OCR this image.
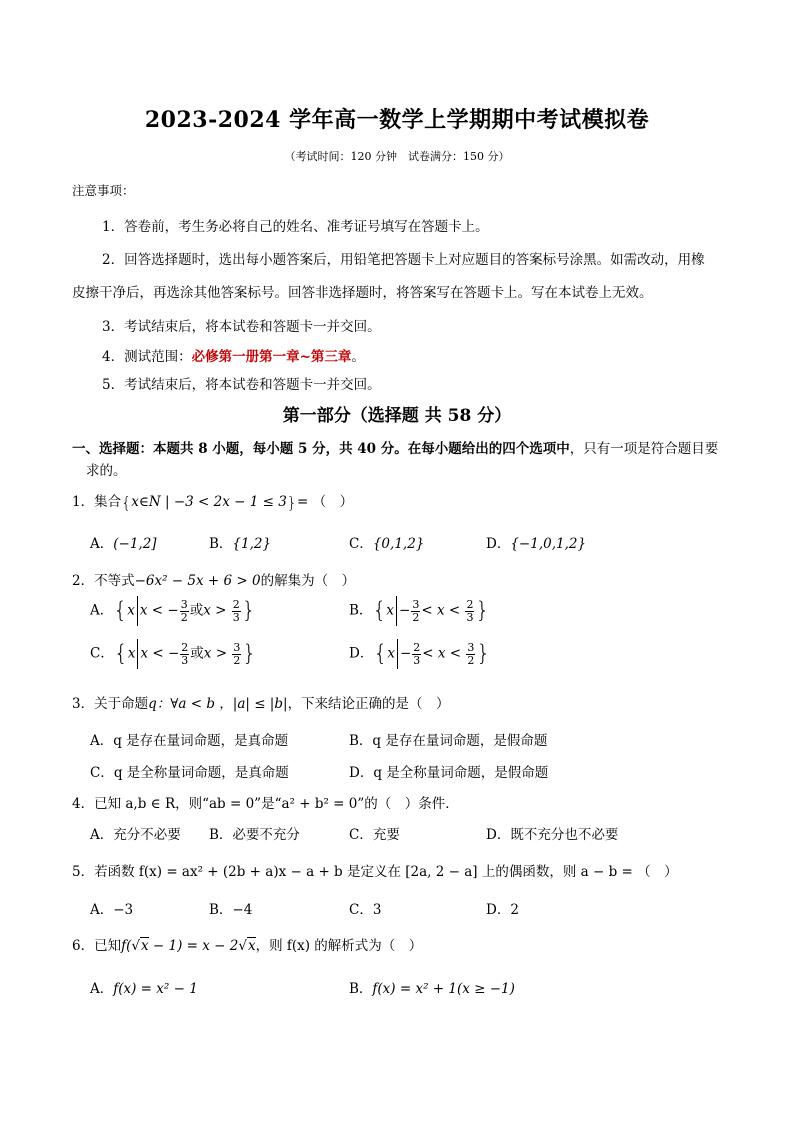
2023-2024 学年高一数学上学期期中考试模拟卷
（考试时间：120 分钟　试卷满分：150 分）
注意事项：
1．答卷前，考生务必将自己的姓名、准考证号填写在答题卡上。
2．回答选择题时，选出每小题答案后，用铅笔把答题卡上对应题目的答案标号涂黑。如需改动，用橡
皮擦干净后，再选涂其他答案标号。回答非选择题时，将答案写在答题卡上。写在本试卷上无效。
3．考试结束后，将本试卷和答题卡一并交回。
4．测试范围：必修第一册第一章~第三章。
5．考试结束后，将本试卷和答题卡一并交回。
第一部分（选择题 共 58 分）
一、选择题：本题共 8 小题，每小题 5 分，共 40 分。在每小题给出的四个选项中，只有一项是符合题目要
求的。
1．集合{x∈N | −3 < 2x − 1 ≤ 3}= （　）
A．(−1,2]	B．{1,2}	C．{0,1,2}	D．{−1,0,1,2}
2．不等式−6x² − 5x + 6 > 0的解集为（　）
A．{x x < − $\frac{3}{2}$ 或$x > \frac{2}{3}$ }	B．{$x - \frac{3}{2} < x < \frac{2}{3}$ }
C．{x x < − $\frac{2}{3}$ 或$x > \frac{3}{2}$ }	D．{$x - \frac{2}{3} < x < \frac{3}{2}$ }
3．关于命题q：∀a < b ，|a| ≤ |b|，下来结论正确的是（　）
A．q 是存在量词命题，是真命题	B．q 是存在量词命题，是假命题
C．q 是全称量词命题，是真命题	D．q 是全称量词命题，是假命题
4．已知 a,b ∈ R，则“ab = 0”是“a² + b² = 0”的（　）条件．
A．充分不必要 B．必要不充分	C．充要	D．既不充分也不必要
5．若函数 f(x) = ax² + (2b + a)x − a + b 是定义在 [2a, 2 − a] 上的偶函数，则 a − b = （　）
A．−3	B．−4	C．3	D．2
6．已知f(√x − 1) = x − 2√x，则 f(x) 的解析式为（　）
A．f(x) = x² − 1	B．f(x) = x² + 1(x ≥ −1)
